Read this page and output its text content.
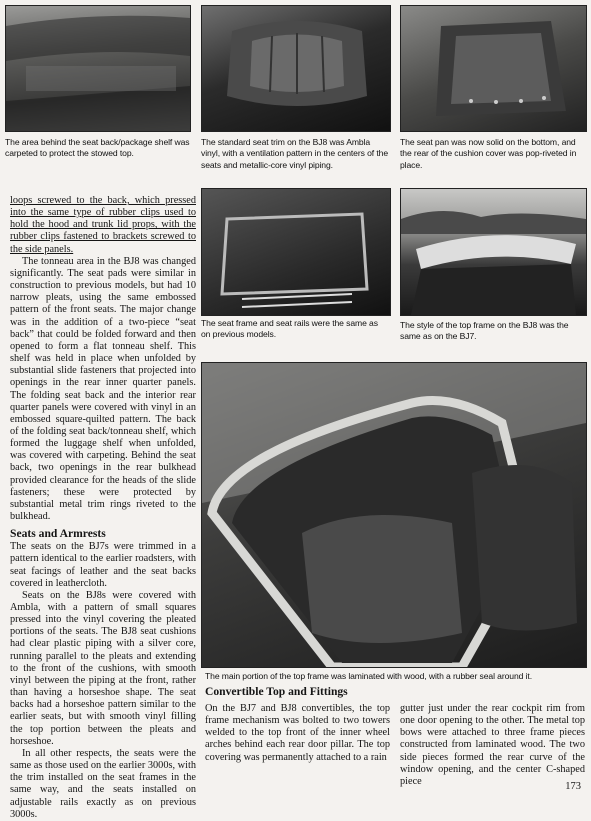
The area behind the seat back/package shelf was carpeted to protect the stowed top.

The standard seat trim on the BJ8 was Ambla vinyl, with a ventilation pattern in the centers of the seats and metallic-core vinyl piping.

The seat pan was now solid on the bottom, and the rear of the cushion cover was pop-riveted in place.

The seat frame and seat rails were the same as on previous models.

The style of the top frame on the BJ8 was the same as on the BJ7.

The main portion of the top frame was laminated with wood, with a rubber seal around it.

loops screwed to the back, which pressed into the same type of rubber clips used to hold the hood and trunk lid props, with the rubber clips fastened to brackets screwed to the side panels.

The tonneau area in the BJ8 was changed significantly. The seat pads were similar in construction to previous models, but had 10 narrow pleats, using the same embossed pattern of the front seats. The major change was in the addition of a two-piece “seat back” that could be folded forward and then opened to form a flat tonneau shelf. This shelf was held in place when unfolded by substantial slide fasteners that projected into openings in the rear inner quarter panels. The folding seat back and the interior rear quarter panels were covered with vinyl in an embossed square-quilted pattern. The back of the folding seat back/tonneau shelf, which formed the luggage shelf when unfolded, was covered with carpeting. Behind the seat back, two openings in the rear bulkhead provided clearance for the heads of the slide fasteners; these were protected by substantial metal trim rings riveted to the bulkhead.

Seats and Armrests

The seats on the BJ7s were trimmed in a pattern identical to the earlier roadsters, with seat facings of leather and the seat backs covered in leathercloth.

Seats on the BJ8s were covered with Ambla, with a pattern of small squares pressed into the vinyl covering the pleated portions of the seats. The BJ8 seat cushions had clear plastic piping with a silver core, running parallel to the pleats and extending to the front of the cushions, with smooth vinyl between the piping at the front, rather than having a horseshoe shape. The seat backs had a horseshoe pattern similar to the earlier seats, but with smooth vinyl filling the top portion between the pleats and horseshoe.

In all other respects, the seats were the same as those used on the earlier 3000s, with the trim installed on the seat frames in the same way, and the seats installed on adjustable rails exactly as on previous 3000s.

Convertible Top and Fittings

On the BJ7 and BJ8 convertibles, the top frame mechanism was bolted to two towers welded to the top front of the inner wheel arches behind each rear door pillar. The top covering was permanently attached to a rain

gutter just under the rear cockpit rim from one door opening to the other. The metal top bows were attached to three frame pieces constructed from laminated wood. The two side pieces formed the rear curve of the window opening, and the center C-shaped piece	173
